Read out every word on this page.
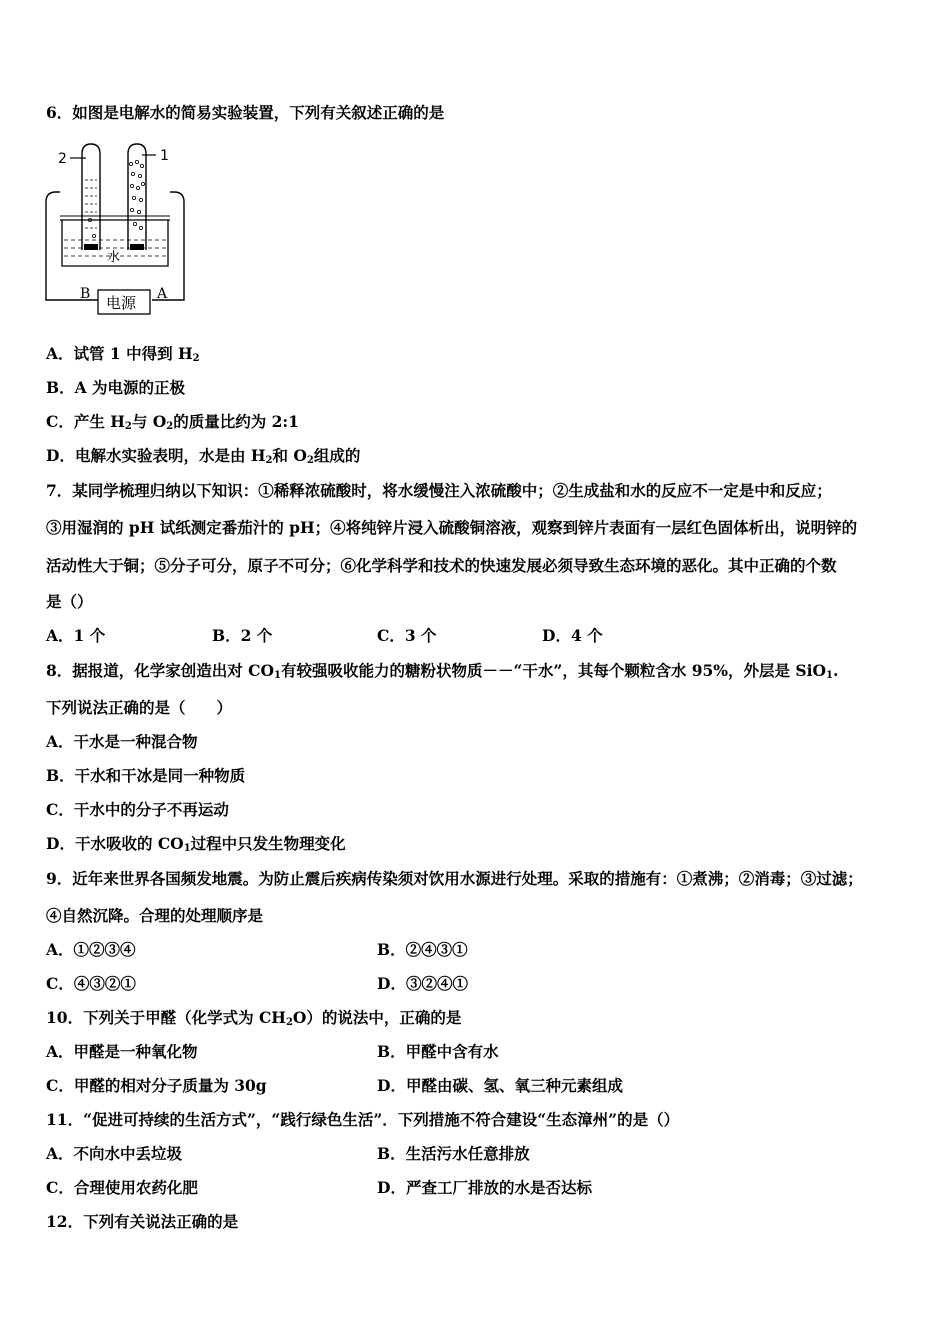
6．如图是电解水的简易实验装置，下列有关叙述正确的是
2	1
水
电源
B	A
A．试管 1 中得到 $H_2$
B．A 为电源的正极
C．产生 $H_2$与 $O_2$的质量比约为 2:1
D．电解水实验表明，水是由 $H_2$和 $O_2$组成的
7．某同学梳理归纳以下知识：①稀释浓硫酸时，将水缓慢注入浓硫酸中；②生成盐和水的反应不一定是中和反应；
③用湿润的 pH 试纸测定番茄汁的 pH；④将纯锌片浸入硫酸铜溶液，观察到锌片表面有一层红色固体析出，说明锌的
活动性大于铜；⑤分子可分，原子不可分；⑥化学科学和技术的快速发展必须导致生态环境的恶化。其中正确的个数
是（）
A．1 个	B．2 个	C．3 个	D．4 个
8．据报道，化学家创造出对 $CO_1$有较强吸收能力的糖粉状物质－－“干水”，其每个颗粒含水 95%，外层是 SiO$_1$.
下列说法正确的是（　　）
A．干水是一种混合物
B．干水和干冰是同一种物质
C．干水中的分子不再运动
D．干水吸收的 $CO_1$过程中只发生物理变化
9．近年来世界各国频发地震。为防止震后疾病传染须对饮用水源进行处理。采取的措施有：①煮沸；②消毒；③过滤；
④自然沉降。合理的处理顺序是
A．①②③④	B．②④③①
C．④③②①	D．③②④①
10．下列关于甲醛（化学式为 $CH_2O$）的说法中，正确的是
A．甲醛是一种氧化物	B．甲醛中含有水
C．甲醛的相对分子质量为 30g	D．甲醛由碳、氢、氧三种元素组成
11．“促进可持续的生活方式”，“践行绿色生活”．下列措施不符合建设“生态漳州”的是（）
A．不向水中丢垃圾	B．生活污水任意排放
C．合理使用农药化肥	D．严查工厂排放的水是否达标
12．下列有关说法正确的是
